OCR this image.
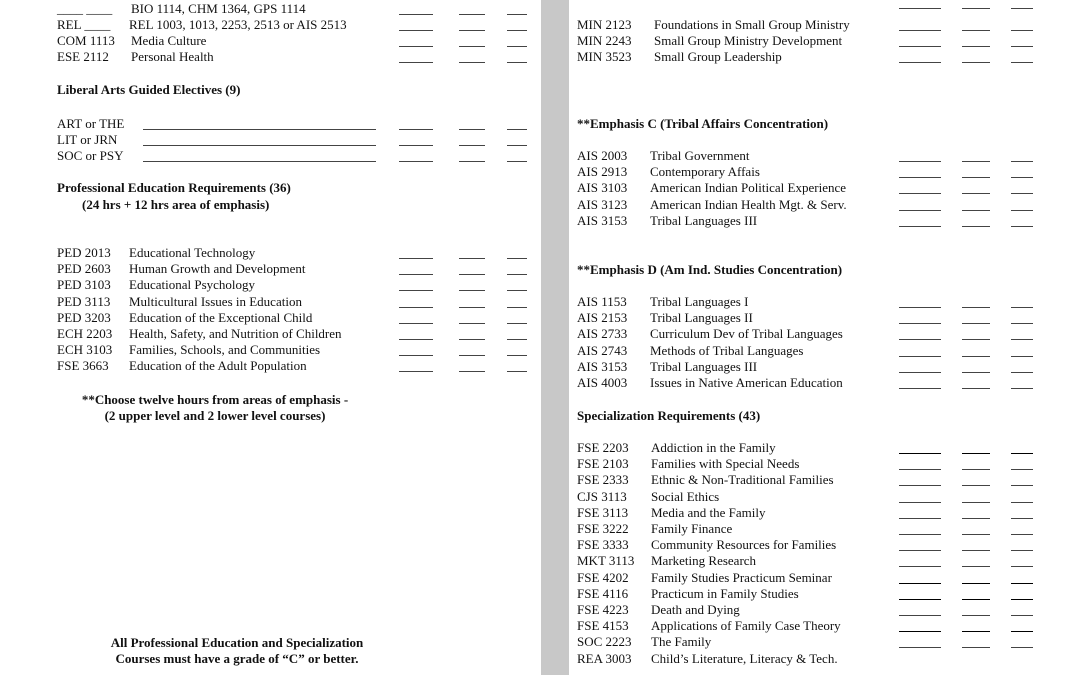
____ ____ BIO 1114, CHM 1364, GPS 1114
REL ____ REL 1003, 1013, 2253, 2513 or AIS 2513
COM 1113 Media Culture
ESE 2112 Personal Health
Liberal Arts Guided Electives (9)
ART or THE
LIT or JRN
SOC or PSY
Professional Education Requirements (36)
(24 hrs + 12 hrs area of emphasis)
PED 2013 Educational Technology
PED 2603 Human Growth and Development
PED 3103 Educational Psychology
PED 3113 Multicultural Issues in Education
PED 3203 Education of the Exceptional Child
ECH 2203 Health, Safety, and Nutrition of Children
ECH 3103 Families, Schools, and Communities
FSE 3663 Education of the Adult Population
**Choose twelve hours from areas of emphasis -
(2 upper level and 2 lower level courses)
All Professional Education and Specialization
Courses must have a grade of “C” or better.
MIN 2123 Foundations in Small Group Ministry
MIN 2243 Small Group Ministry Development
MIN 3523 Small Group Leadership
**Emphasis C (Tribal Affairs Concentration)
AIS 2003 Tribal Government
AIS 2913 Contemporary Affais
AIS 3103 American Indian Political Experience
AIS 3123 American Indian Health Mgt. & Serv.
AIS 3153 Tribal Languages III
**Emphasis D (Am Ind. Studies Concentration)
AIS 1153 Tribal Languages I
AIS 2153 Tribal Languages II
AIS 2733 Curriculum Dev of Tribal Languages
AIS 2743 Methods of Tribal Languages
AIS 3153 Tribal Languages III
AIS 4003 Issues in Native American Education
Specialization Requirements (43)
FSE 2203 Addiction in the Family
FSE 2103 Families with Special Needs
FSE 2333 Ethnic & Non-Traditional Families
CJS 3113 Social Ethics
FSE 3113 Media and the Family
FSE 3222 Family Finance
FSE 3333 Community Resources for Families
MKT 3113 Marketing Research
FSE 4202 Family Studies Practicum Seminar
FSE 4116 Practicum in Family Studies
FSE 4223 Death and Dying
FSE 4153 Applications of Family Case Theory
SOC 2223 The Family
REA 3003 Child’s Literature, Literacy & Tech.
